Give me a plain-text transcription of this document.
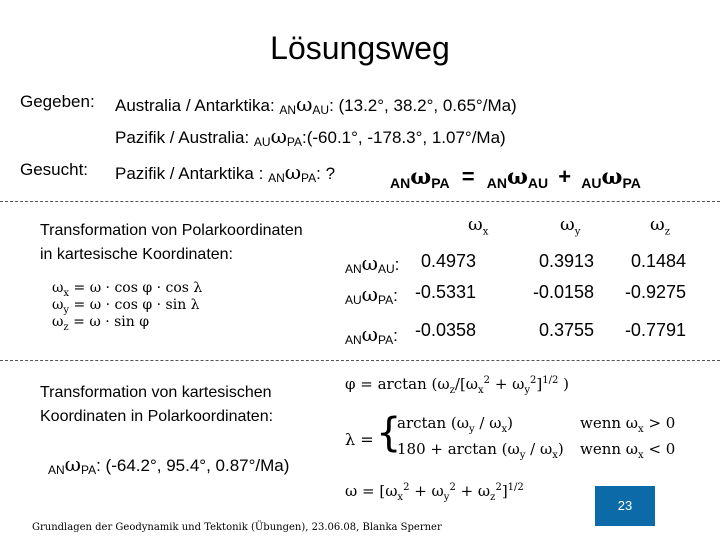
Lösungsweg
Gegeben: Australia / Antarktika: $_{AN}\omega_{AU}$: (13.2°, 38.2°, 0.65°/Ma)
Pazifik / Australia: $_{AU}\omega_{PA}:(-60.1^\circ$, -178.3°, 1.07°/Ma)
Gesucht: Pazifik / Antarktika : $_{AN}\omega_{PA}$: ?	ANωPA = ANωAU + AUωPA
Transformation von Polarkoordinaten
in kartesische Koordinaten:
$\omega_x = \omega \cdot \cos \varphi \cdot \cos \lambda$
$\omega_y = \omega \cdot \cos \varphi \cdot \sin \lambda$
$\omega_z = \omega \cdot \sin \varphi$
$\omega_x$	$\omega_y$	$\omega_z$
$_{AN}\omega_{AU}$:	0.4973	0.3913	0.1484
$_{AU}\omega_{PA}$: -0.5331	-0.0158	-0.9275
$_{AN}\omega_{PA}$: -0.0358	0.3755	-0.7791
Transformation von kartesischen
Koordinaten in Polarkoordinaten:
$_{AN}\omega_{PA}$: (-64.2°, 95.4°, 0.87°/Ma)
$\varphi = \arctan (\omega_z/[\omega_x^2 + \omega_y^2]^{1/2}$ )
λ = {
$\arctan (\omega_y / \omega_x)$	wenn $\omega_x > 0$
$180 + \arctan (\omega_y / \omega_x)$ wenn $\omega_x < 0$
$\omega = [\omega_x^2 + \omega_y^2 + \omega_z^2]^{1/2}$
Grundlagen der Geodynamik und Tektonik (Übungen), 23.06.08, Blanka Sperner
23
